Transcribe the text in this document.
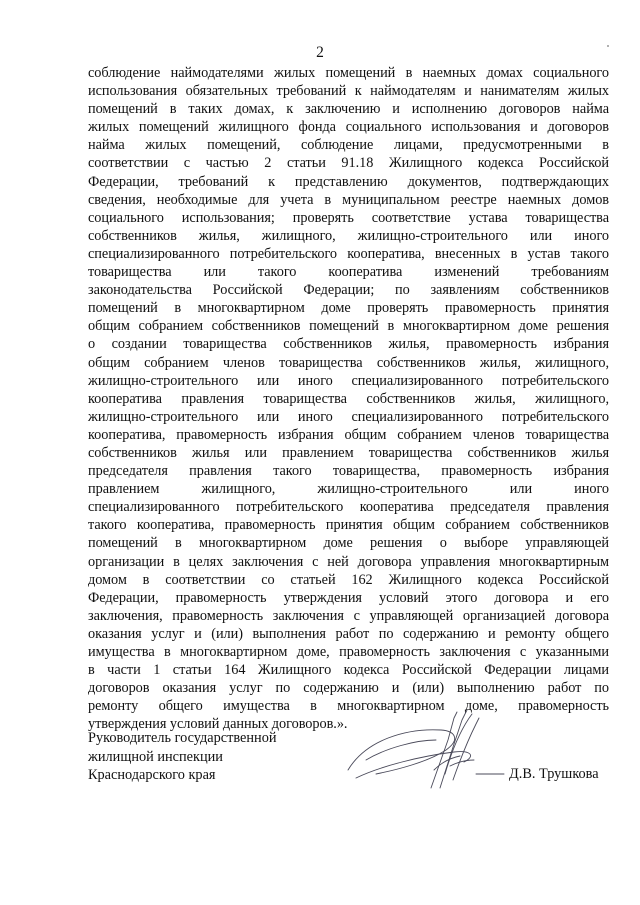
2
соблюдение наймодателями жилых помещений в наемных домах социального
использования обязательных требований к наймодателям и нанимателям жилых
помещений в таких домах, к заключению и исполнению договоров найма
жилых помещений жилищного фонда социального использования и договоров
найма жилых помещений, соблюдение лицами, предусмотренными в
соответствии с частью 2 статьи 91.18 Жилищного кодекса Российской
Федерации, требований к представлению документов, подтверждающих
сведения, необходимые для учета в муниципальном реестре наемных домов
социального использования; проверять соответствие устава товарищества
собственников жилья, жилищного, жилищно-строительного или иного
специализированного потребительского кооператива, внесенных в устав такого
товарищества или такого кооператива изменений требованиям
законодательства Российской Федерации; по заявлениям собственников
помещений в многоквартирном доме проверять правомерность принятия
общим собранием собственников помещений в многоквартирном доме решения
о создании товарищества собственников жилья, правомерность избрания
общим собранием членов товарищества собственников жилья, жилищного,
жилищно-строительного или иного специализированного потребительского
кооператива правления товарищества собственников жилья, жилищного,
жилищно-строительного или иного специализированного потребительского
кооператива, правомерность избрания общим собранием членов товарищества
собственников жилья или правлением товарищества собственников жилья
председателя правления такого товарищества, правомерность избрания
правлением жилищного, жилищно-строительного или иного
специализированного потребительского кооператива председателя правления
такого кооператива, правомерность принятия общим собранием собственников
помещений в многоквартирном доме решения о выборе управляющей
организации в целях заключения с ней договора управления многоквартирным
домом в соответствии со статьей 162 Жилищного кодекса Российской
Федерации, правомерность утверждения условий этого договора и его
заключения, правомерность заключения с управляющей организацией договора
оказания услуг и (или) выполнения работ по содержанию и ремонту общего
имущества в многоквартирном доме, правомерность заключения с указанными
в части 1 статьи 164 Жилищного кодекса Российской Федерации лицами
договоров оказания услуг по содержанию и (или) выполнению работ по
ремонту общего имущества в многоквартирном доме, правомерность
утверждения условий данных договоров.».
Руководитель государственной
жилищной инспекции
Краснодарского края	Д.В. Трушкова
